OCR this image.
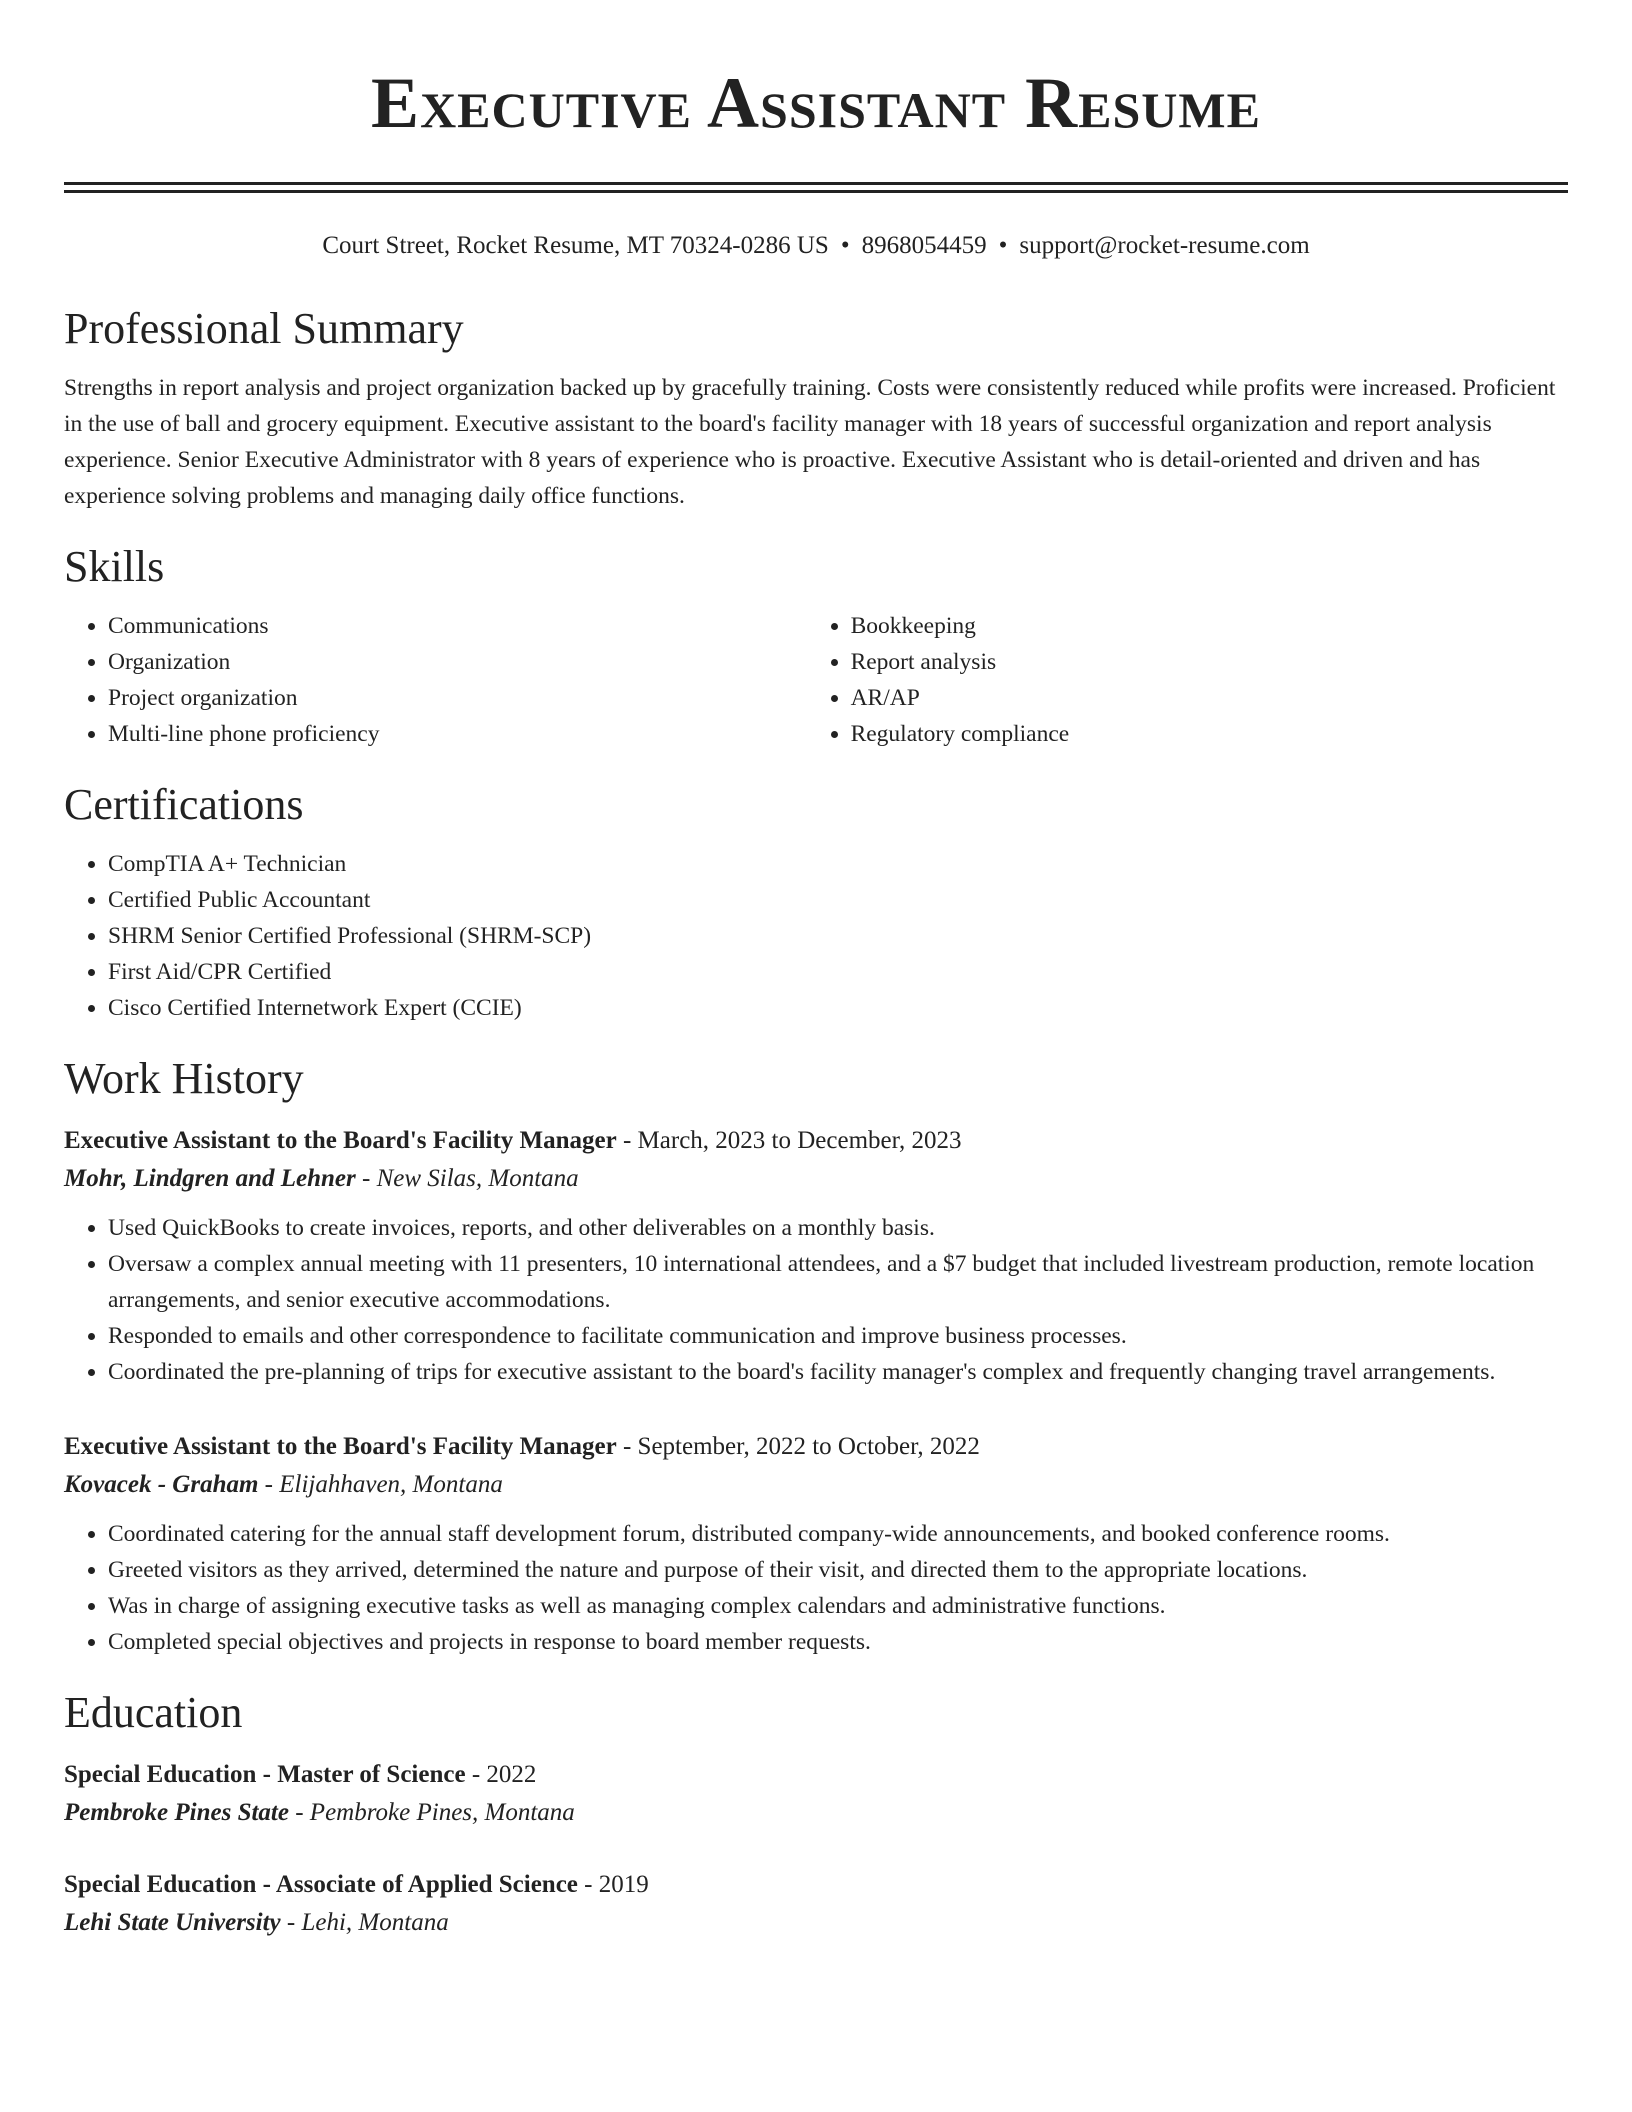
Executive Assistant Resume
Court Street, Rocket Resume, MT 70324-0286 US • 8968054459 • support@rocket-resume.com
Professional Summary
Strengths in report analysis and project organization backed up by gracefully training. Costs were consistently reduced while profits were increased. Proficient in the use of ball and grocery equipment. Executive assistant to the board's facility manager with 18 years of successful organization and report analysis experience. Senior Executive Administrator with 8 years of experience who is proactive. Executive Assistant who is detail-oriented and driven and has experience solving problems and managing daily office functions.
Skills
• Communications
• Organization
• Project organization
• Multi-line phone proficiency
• Bookkeeping
• Report analysis
• AR/AP
• Regulatory compliance
Certifications
• CompTIA A+ Technician
• Certified Public Accountant
• SHRM Senior Certified Professional (SHRM-SCP)
• First Aid/CPR Certified
• Cisco Certified Internetwork Expert (CCIE)
Work History
Executive Assistant to the Board's Facility Manager - March, 2023 to December, 2023
Mohr, Lindgren and Lehner - New Silas, Montana
• Used QuickBooks to create invoices, reports, and other deliverables on a monthly basis.
• Oversaw a complex annual meeting with 11 presenters, 10 international attendees, and a $7 budget that included livestream production, remote location arrangements, and senior executive accommodations.
• Responded to emails and other correspondence to facilitate communication and improve business processes.
• Coordinated the pre-planning of trips for executive assistant to the board's facility manager's complex and frequently changing travel arrangements.
Executive Assistant to the Board's Facility Manager - September, 2022 to October, 2022
Kovacek - Graham - Elijahhaven, Montana
• Coordinated catering for the annual staff development forum, distributed company-wide announcements, and booked conference rooms.
• Greeted visitors as they arrived, determined the nature and purpose of their visit, and directed them to the appropriate locations.
• Was in charge of assigning executive tasks as well as managing complex calendars and administrative functions.
• Completed special objectives and projects in response to board member requests.
Education
Special Education - Master of Science - 2022
Pembroke Pines State - Pembroke Pines, Montana
Special Education - Associate of Applied Science - 2019
Lehi State University - Lehi, Montana
